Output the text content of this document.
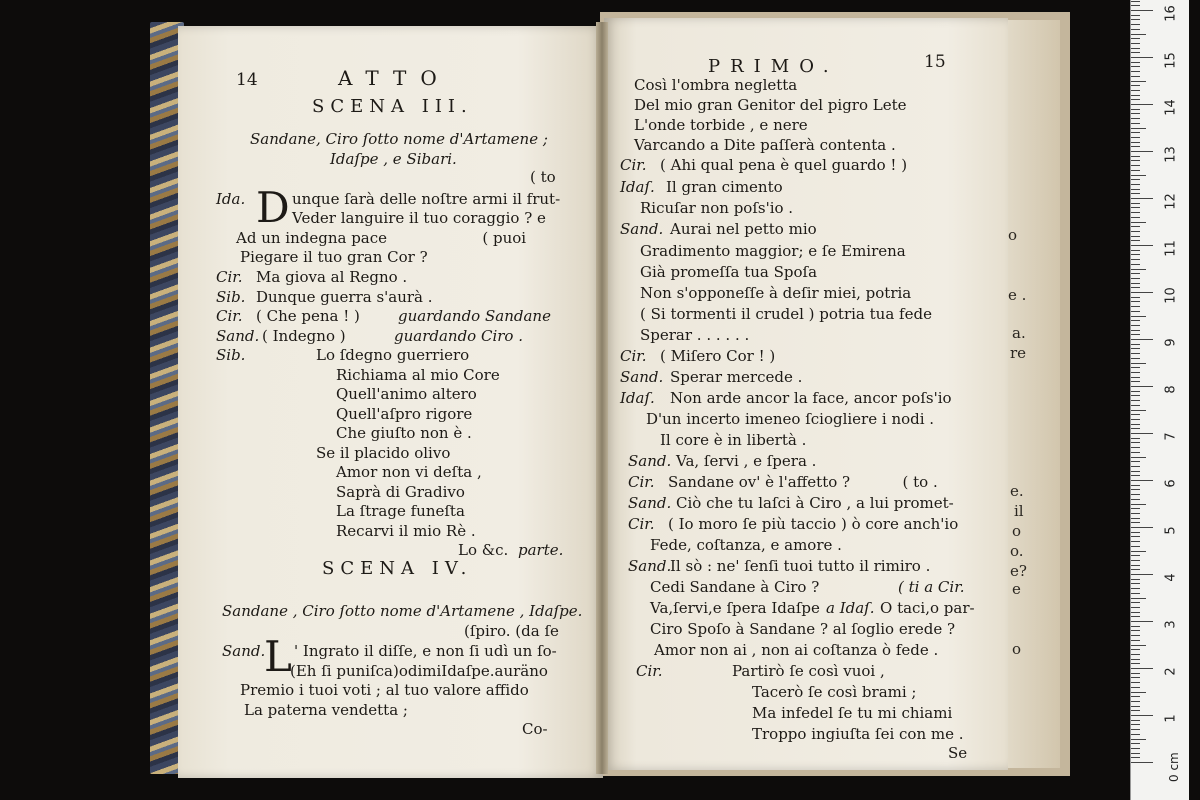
14	ATTO
SCENA III.
Sandane, Ciro ſotto nome d'Artamene ;
Idaſpe , e Sibari.
( to
Ida. D unque ſarà delle noſtre armi il frut-
Veder languire il tuo coraggio ? e
Ad un indegna pace                    ( puoi
Piegare il tuo gran Cor ?
Cir. Ma giova al Regno .
Sib. Dunque guerra s'aurà .
Cir. ( Che pena ! )	guardando Sandane
Sand. ( Indegno )	guardando Ciro .
Sib.	Lo ſdegno guerriero
Richiama al mio Core
Quell'animo altero
Quell'aſpro rigore
Che giuſto non è .
Se il placido olivo
Amor non vi deſta ,
Saprà di Gradivo
La ſtrage funeſta
Recarvi il mio Rè .
Lo &c. parte.
SCENA IV.
Sandane , Ciro ſotto nome d'Artamene , Idaſpe.
(ſpiro. (da ſe
Sand.
L ' Ingrato il diſſe, e non ſi udì un ſo-
(Eh ſi puniſca)odimiIdaſpe.auräno
Premio i tuoi voti ; al tuo valore affido
La paterna vendetta ;
Co-
PRIMO.	15
Così l'ombra negletta
Del mio gran Genitor del pigro Lete
L'onde torbide , e nere
Varcando a Dite paſſerà contenta .
Cir. ( Ahi qual pena è quel guardo ! )
Idaſ. Il gran cimento
Ricuſar non poſs'io .
Sand. Aurai nel petto mio
Gradimento maggior; e ſe Emirena
Già promeſſa tua Spoſa
Non s'opponeſſe à deſir miei, potria
( Si tormenti il crudel ) potria tua fede
Sperar . . . . . .
Cir. ( Miſero Cor ! )
Sand. Sperar mercede .
Idaſ. Non arde ancor la face, ancor poſs'io
D'un incerto imeneo ſciogliere i nodi .
Il core è in libertà .
Sand. Va, ſervi , e ſpera .
Cir. Sandane ov' è l'affetto ?           ( to .
Sand. Ciò che tu laſci à Ciro , a lui promet-
Cir. ( Io moro ſe più taccio ) ò core anch'io
Fede, coſtanza, e amore .
Sand.
Il sò : ne' ſenſi tuoi tutto il rimiro .
Cedi Sandane à Ciro ?	( ti a Cir.
Va,ſervi,e ſpera Idaſpe a Idaſ. O taci,o par-
Ciro Spoſo à Sandane ? al ſoglio erede ?
Amor non ai , non ai coſtanza ò fede .
Cir.	Partirò ſe così vuoi ,
Tacerò ſe così brami ;
Ma infedel ſe tu mi chiami
Troppo ingiuſta ſei con me .
Se
o
e .
a.
re
e.
il
o
o.
e?
e
o
16
15
14
13
12
11
10
9
8
7
6
5
4
3
2
1
0 cm
